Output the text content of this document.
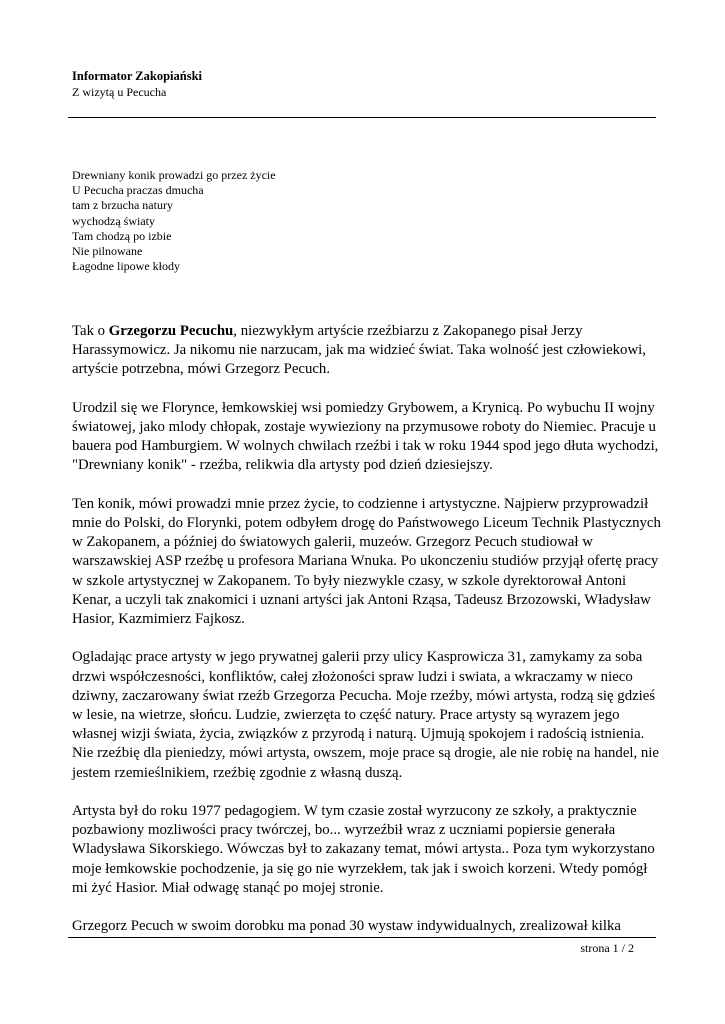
Informator Zakopiański
Z wizytą u Pecucha
Drewniany konik prowadzi go przez życie
U Pecucha praczas dmucha
tam z brzucha natury
wychodzą światy
Tam chodzą po izbie
Nie pilnowane
Łagodne lipowe kłody
Tak o Grzegorzu Pecuchu, niezwykłym artyście rzeźbiarzu z Zakopanego pisał Jerzy
Harassymowicz. Ja nikomu nie narzucam, jak ma widzieć świat. Taka wolność jest człowiekowi,
artyście potrzebna, mówi Grzegorz Pecuch.
Urodzil się we Florynce, łemkowskiej wsi pomiedzy Grybowem, a Krynicą. Po wybuchu II wojny
światowej, jako mlody chłopak, zostaje wywieziony na przymusowe roboty do Niemiec. Pracuje u
bauera pod Hamburgiem. W wolnych chwilach rzeźbi i tak w roku 1944 spod jego dłuta wychodzi,
"Drewniany konik" - rzeźba, relikwia dla artysty pod dzień dziesiejszy.
Ten konik, mówi prowadzi mnie przez życie, to codzienne i artystyczne. Najpierw przyprowadził
mnie do Polski, do Florynki, potem odbyłem drogę do Państwowego Liceum Technik Plastycznych
w Zakopanem, a później do światowych galerii, muzeów. Grzegorz Pecuch studiował w
warszawskiej ASP rzeźbę u profesora Mariana Wnuka. Po ukonczeniu studiów przyjął ofertę pracy
w szkole artystycznej w Zakopanem. To były niezwykle czasy, w szkole dyrektorował Antoni
Kenar, a uczyli tak znakomici i uznani artyści jak Antoni Rząsa, Tadeusz Brzozowski, Władysław
Hasior, Kazmimierz Fajkosz.
Ogladając prace artysty w jego prywatnej galerii przy ulicy Kasprowicza 31, zamykamy za soba
drzwi współczesności, konfliktów, całej złożoności spraw ludzi i swiata, a wkraczamy w nieco
dziwny, zaczarowany świat rzeźb Grzegorza Pecucha. Moje rzeźby, mówi artysta, rodzą się gdzieś
w lesie, na wietrze, słońcu. Ludzie, zwierzęta to część natury. Prace artysty są wyrazem jego
własnej wizji świata, życia, związków z przyrodą i naturą. Ujmują spokojem i radością istnienia.
Nie rzeźbię dla pieniedzy, mówi artysta, owszem, moje prace są drogie, ale nie robię na handel, nie
jestem rzemieślnikiem, rzeźbię zgodnie z własną duszą.
Artysta był do roku 1977 pedagogiem. W tym czasie został wyrzucony ze szkoły, a praktycznie
pozbawiony mozliwości pracy twórczej, bo... wyrzeźbił wraz z uczniami popiersie generała
Wladysława Sikorskiego. Wówczas był to zakazany temat, mówi artysta.. Poza tym wykorzystano
moje łemkowskie pochodzenie, ja się go nie wyrzekłem, tak jak i swoich korzeni. Wtedy pomógł
mi żyć Hasior. Miał odwagę stanąć po mojej stronie.
Grzegorz Pecuch w swoim dorobku ma ponad 30 wystaw indywidualnych, zrealizował kilka
strona 1 / 2
